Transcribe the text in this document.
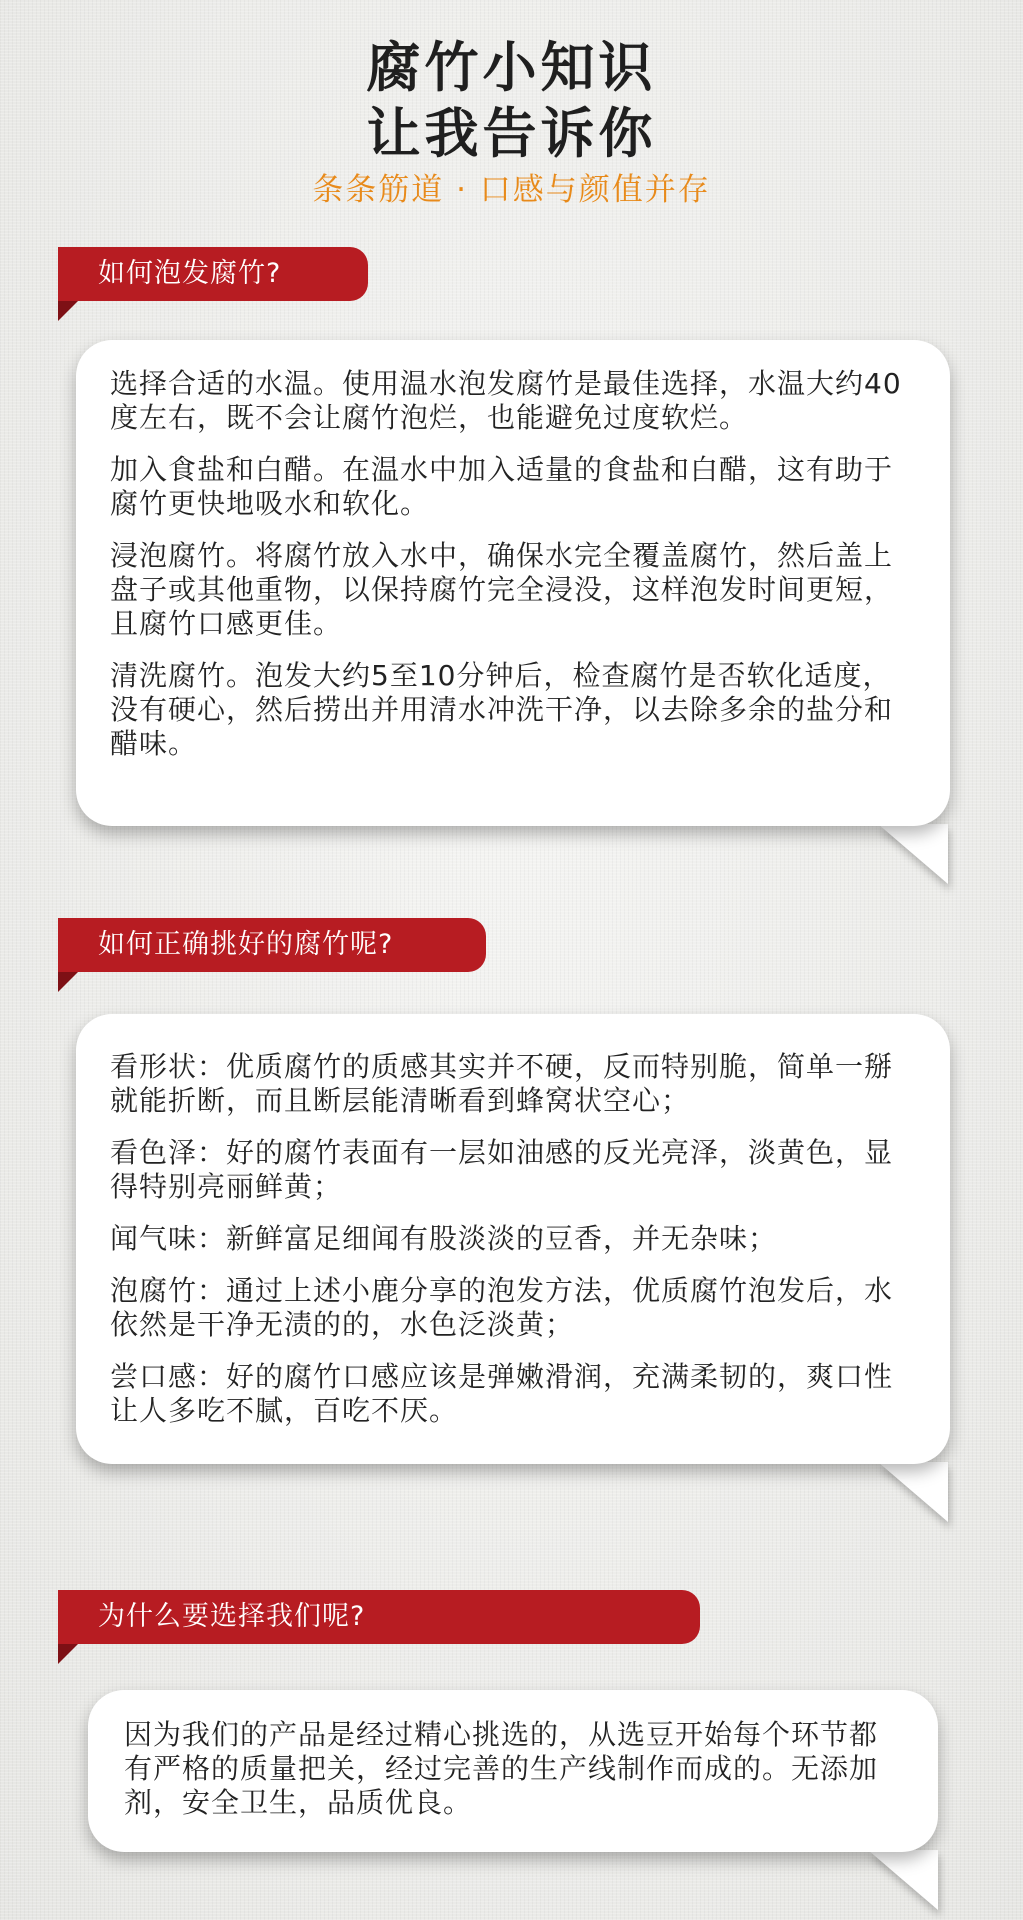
腐竹小知识
让我告诉你
条条筋道 · 口感与颜值并存
如何泡发腐竹?

选择合适的水温。使用温水泡发腐竹是最佳选择，水温大约40度左右，既不会让腐竹泡烂，也能避免过度软烂。

加入食盐和白醋。在温水中加入适量的食盐和白醋，这有助于腐竹更快地吸水和软化。

浸泡腐竹。将腐竹放入水中，确保水完全覆盖腐竹，然后盖上盘子或其他重物，以保持腐竹完全浸没，这样泡发时间更短，且腐竹口感更佳。

清洗腐竹。泡发大约5至10分钟后，检查腐竹是否软化适度，没有硬心，然后捞出并用清水冲洗干净，以去除多余的盐分和醋味。

如何正确挑好的腐竹呢?

看形状：优质腐竹的质感其实并不硬，反而特别脆，简单一掰就能折断，而且断层能清晰看到蜂窝状空心；

看色泽：好的腐竹表面有一层如油感的反光亮泽，淡黄色，显得特别亮丽鲜黄；

闻气味：新鲜富足细闻有股淡淡的豆香，并无杂味；

泡腐竹：通过上述小鹿分享的泡发方法，优质腐竹泡发后，水依然是干净无渍的的，水色泛淡黄；

尝口感：好的腐竹口感应该是弹嫩滑润，充满柔韧的，爽口性让人多吃不腻，百吃不厌。

为什么要选择我们呢?

因为我们的产品是经过精心挑选的，从选豆开始每个环节都有严格的质量把关，经过完善的生产线制作而成的。无添加剂，安全卫生，品质优良。
